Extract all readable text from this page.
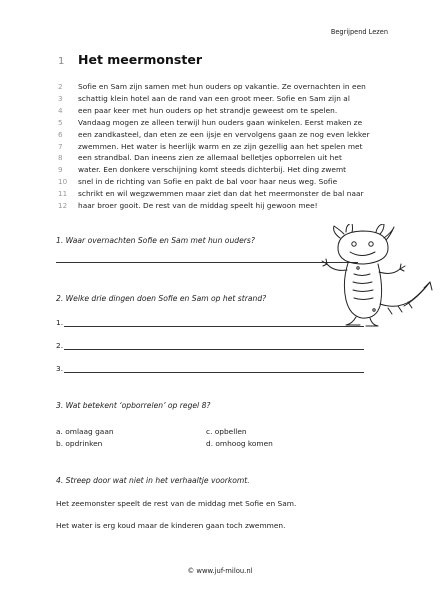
Begrijpend Lezen
1	Het meermonster
2	Sofie en Sam zijn samen met hun ouders op vakantie. Ze overnachten in een
3	schattig klein hotel aan de rand van een groot meer. Sofie en Sam zijn al
4	een paar keer met hun ouders op het strandje geweest om te spelen.
5	Vandaag mogen ze alleen terwijl hun ouders gaan winkelen. Eerst maken ze
6	een zandkasteel, dan eten ze een ijsje en vervolgens gaan ze nog even lekker
7	zwemmen. Het water is heerlijk warm en ze zijn gezellig aan het spelen met
8	een strandbal. Dan ineens zien ze allemaal belletjes opborrelen uit het
9	water. Een donkere verschijning komt steeds dichterbij. Het ding zwemt
10	snel in de richting van Sofie en pakt de bal voor haar neus weg. Sofie
11	schrikt en wil wegzwemmen maar ziet dan dat het meermonster de bal naar
12	haar broer gooit. De rest van de middag speelt hij gewoon mee!
1. Waar overnachten Sofie en Sam met hun ouders?
2. Welke drie dingen doen Sofie en Sam op het strand?
1.
2.
3.
3. Wat betekent ‘opborrelen’ op regel 8?
a. omlaag gaan	c. opbellen
b. opdrinken	d. omhoog komen
4. Streep door wat niet in het verhaaltje voorkomt.
Het zeemonster speelt de rest van de middag met Sofie en Sam.
Het water is erg koud maar de kinderen gaan toch zwemmen.
© www.juf-milou.nl
